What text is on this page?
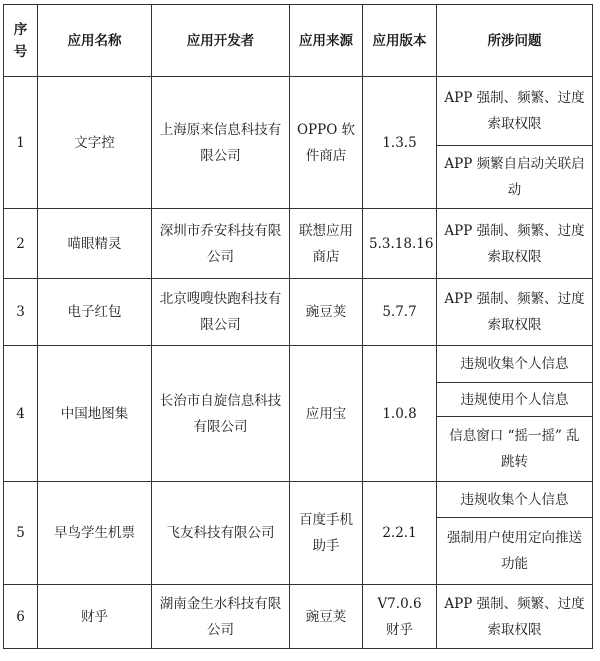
序号	应用名称	应用开发者	应用来源	应用版本	所涉问题
1	文字控	上海原来信息科技有限公司	OPPO 软件商店	1.3.5	APP 强制、频繁、过度索取权限
					APP 频繁自启动关联启动
2	喵眼精灵	深圳市乔安科技有限公司	联想应用商店	5.3.18.16	APP 强制、频繁、过度索取权限
3	电子红包	北京嗖嗖快跑科技有限公司	豌豆荚	5.7.7	APP 强制、频繁、过度索取权限
4	中国地图集	长治市自旋信息科技有限公司	应用宝	1.0.8	违规收集个人信息
					违规使用个人信息
					信息窗口 “摇一摇” 乱跳转
5	早鸟学生机票	飞友科技有限公司	百度手机助手	2.2.1	违规收集个人信息
					强制用户使用定向推送功能
6	财乎	湖南金生水科技有限公司	豌豆荚	V7.0.6 财乎	APP 强制、频繁、过度索取权限
